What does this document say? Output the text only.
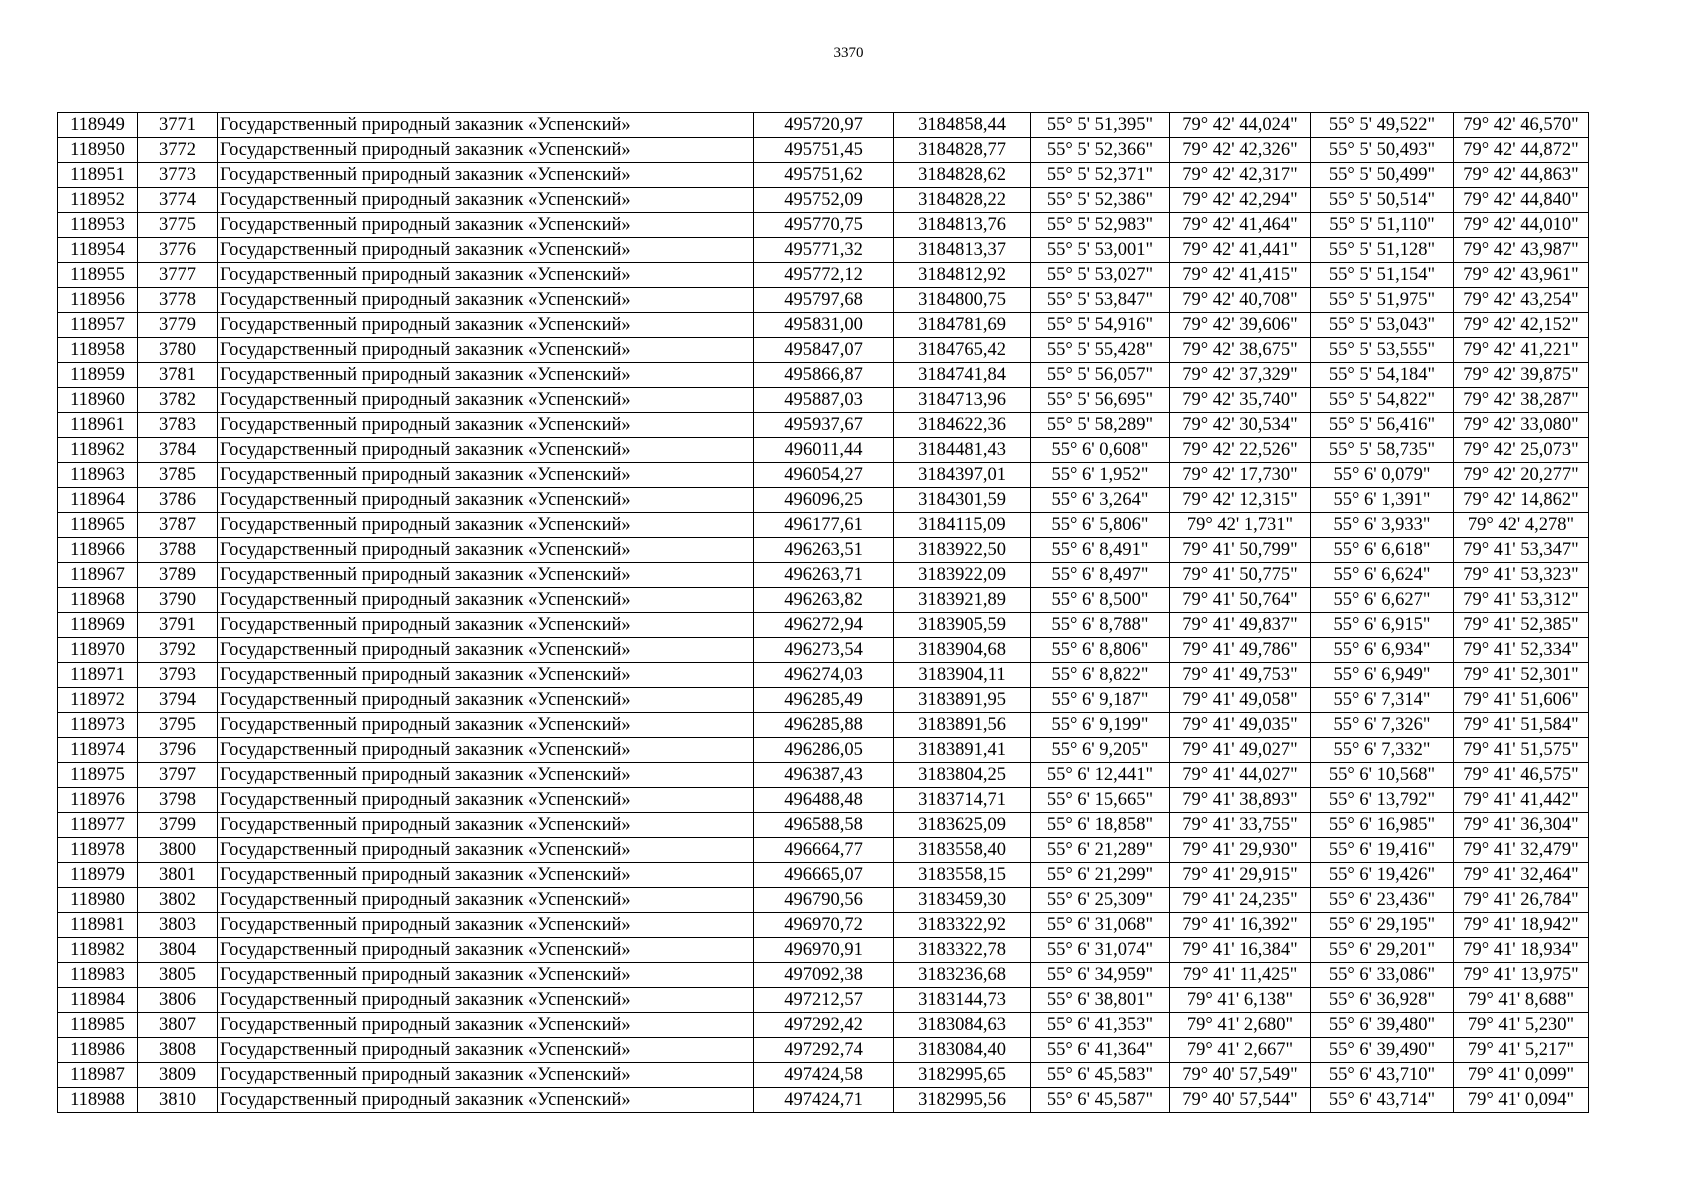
3370
118949	3771	Государственный природный заказник «Успенский»	495720,97	3184858,44	55° 5' 51,395"	79° 42' 44,024"	55° 5' 49,522"	79° 42' 46,570"
118950	3772	Государственный природный заказник «Успенский»	495751,45	3184828,77	55° 5' 52,366"	79° 42' 42,326"	55° 5' 50,493"	79° 42' 44,872"
118951	3773	Государственный природный заказник «Успенский»	495751,62	3184828,62	55° 5' 52,371"	79° 42' 42,317"	55° 5' 50,499"	79° 42' 44,863"
118952	3774	Государственный природный заказник «Успенский»	495752,09	3184828,22	55° 5' 52,386"	79° 42' 42,294"	55° 5' 50,514"	79° 42' 44,840"
118953	3775	Государственный природный заказник «Успенский»	495770,75	3184813,76	55° 5' 52,983"	79° 42' 41,464"	55° 5' 51,110"	79° 42' 44,010"
118954	3776	Государственный природный заказник «Успенский»	495771,32	3184813,37	55° 5' 53,001"	79° 42' 41,441"	55° 5' 51,128"	79° 42' 43,987"
118955	3777	Государственный природный заказник «Успенский»	495772,12	3184812,92	55° 5' 53,027"	79° 42' 41,415"	55° 5' 51,154"	79° 42' 43,961"
118956	3778	Государственный природный заказник «Успенский»	495797,68	3184800,75	55° 5' 53,847"	79° 42' 40,708"	55° 5' 51,975"	79° 42' 43,254"
118957	3779	Государственный природный заказник «Успенский»	495831,00	3184781,69	55° 5' 54,916"	79° 42' 39,606"	55° 5' 53,043"	79° 42' 42,152"
118958	3780	Государственный природный заказник «Успенский»	495847,07	3184765,42	55° 5' 55,428"	79° 42' 38,675"	55° 5' 53,555"	79° 42' 41,221"
118959	3781	Государственный природный заказник «Успенский»	495866,87	3184741,84	55° 5' 56,057"	79° 42' 37,329"	55° 5' 54,184"	79° 42' 39,875"
118960	3782	Государственный природный заказник «Успенский»	495887,03	3184713,96	55° 5' 56,695"	79° 42' 35,740"	55° 5' 54,822"	79° 42' 38,287"
118961	3783	Государственный природный заказник «Успенский»	495937,67	3184622,36	55° 5' 58,289"	79° 42' 30,534"	55° 5' 56,416"	79° 42' 33,080"
118962	3784	Государственный природный заказник «Успенский»	496011,44	3184481,43	55° 6' 0,608"	79° 42' 22,526"	55° 5' 58,735"	79° 42' 25,073"
118963	3785	Государственный природный заказник «Успенский»	496054,27	3184397,01	55° 6' 1,952"	79° 42' 17,730"	55° 6' 0,079"	79° 42' 20,277"
118964	3786	Государственный природный заказник «Успенский»	496096,25	3184301,59	55° 6' 3,264"	79° 42' 12,315"	55° 6' 1,391"	79° 42' 14,862"
118965	3787	Государственный природный заказник «Успенский»	496177,61	3184115,09	55° 6' 5,806"	79° 42' 1,731"	55° 6' 3,933"	79° 42' 4,278"
118966	3788	Государственный природный заказник «Успенский»	496263,51	3183922,50	55° 6' 8,491"	79° 41' 50,799"	55° 6' 6,618"	79° 41' 53,347"
118967	3789	Государственный природный заказник «Успенский»	496263,71	3183922,09	55° 6' 8,497"	79° 41' 50,775"	55° 6' 6,624"	79° 41' 53,323"
118968	3790	Государственный природный заказник «Успенский»	496263,82	3183921,89	55° 6' 8,500"	79° 41' 50,764"	55° 6' 6,627"	79° 41' 53,312"
118969	3791	Государственный природный заказник «Успенский»	496272,94	3183905,59	55° 6' 8,788"	79° 41' 49,837"	55° 6' 6,915"	79° 41' 52,385"
118970	3792	Государственный природный заказник «Успенский»	496273,54	3183904,68	55° 6' 8,806"	79° 41' 49,786"	55° 6' 6,934"	79° 41' 52,334"
118971	3793	Государственный природный заказник «Успенский»	496274,03	3183904,11	55° 6' 8,822"	79° 41' 49,753"	55° 6' 6,949"	79° 41' 52,301"
118972	3794	Государственный природный заказник «Успенский»	496285,49	3183891,95	55° 6' 9,187"	79° 41' 49,058"	55° 6' 7,314"	79° 41' 51,606"
118973	3795	Государственный природный заказник «Успенский»	496285,88	3183891,56	55° 6' 9,199"	79° 41' 49,035"	55° 6' 7,326"	79° 41' 51,584"
118974	3796	Государственный природный заказник «Успенский»	496286,05	3183891,41	55° 6' 9,205"	79° 41' 49,027"	55° 6' 7,332"	79° 41' 51,575"
118975	3797	Государственный природный заказник «Успенский»	496387,43	3183804,25	55° 6' 12,441"	79° 41' 44,027"	55° 6' 10,568"	79° 41' 46,575"
118976	3798	Государственный природный заказник «Успенский»	496488,48	3183714,71	55° 6' 15,665"	79° 41' 38,893"	55° 6' 13,792"	79° 41' 41,442"
118977	3799	Государственный природный заказник «Успенский»	496588,58	3183625,09	55° 6' 18,858"	79° 41' 33,755"	55° 6' 16,985"	79° 41' 36,304"
118978	3800	Государственный природный заказник «Успенский»	496664,77	3183558,40	55° 6' 21,289"	79° 41' 29,930"	55° 6' 19,416"	79° 41' 32,479"
118979	3801	Государственный природный заказник «Успенский»	496665,07	3183558,15	55° 6' 21,299"	79° 41' 29,915"	55° 6' 19,426"	79° 41' 32,464"
118980	3802	Государственный природный заказник «Успенский»	496790,56	3183459,30	55° 6' 25,309"	79° 41' 24,235"	55° 6' 23,436"	79° 41' 26,784"
118981	3803	Государственный природный заказник «Успенский»	496970,72	3183322,92	55° 6' 31,068"	79° 41' 16,392"	55° 6' 29,195"	79° 41' 18,942"
118982	3804	Государственный природный заказник «Успенский»	496970,91	3183322,78	55° 6' 31,074"	79° 41' 16,384"	55° 6' 29,201"	79° 41' 18,934"
118983	3805	Государственный природный заказник «Успенский»	497092,38	3183236,68	55° 6' 34,959"	79° 41' 11,425"	55° 6' 33,086"	79° 41' 13,975"
118984	3806	Государственный природный заказник «Успенский»	497212,57	3183144,73	55° 6' 38,801"	79° 41' 6,138"	55° 6' 36,928"	79° 41' 8,688"
118985	3807	Государственный природный заказник «Успенский»	497292,42	3183084,63	55° 6' 41,353"	79° 41' 2,680"	55° 6' 39,480"	79° 41' 5,230"
118986	3808	Государственный природный заказник «Успенский»	497292,74	3183084,40	55° 6' 41,364"	79° 41' 2,667"	55° 6' 39,490"	79° 41' 5,217"
118987	3809	Государственный природный заказник «Успенский»	497424,58	3182995,65	55° 6' 45,583"	79° 40' 57,549"	55° 6' 43,710"	79° 41' 0,099"
118988	3810	Государственный природный заказник «Успенский»	497424,71	3182995,56	55° 6' 45,587"	79° 40' 57,544"	55° 6' 43,714"	79° 41' 0,094"
